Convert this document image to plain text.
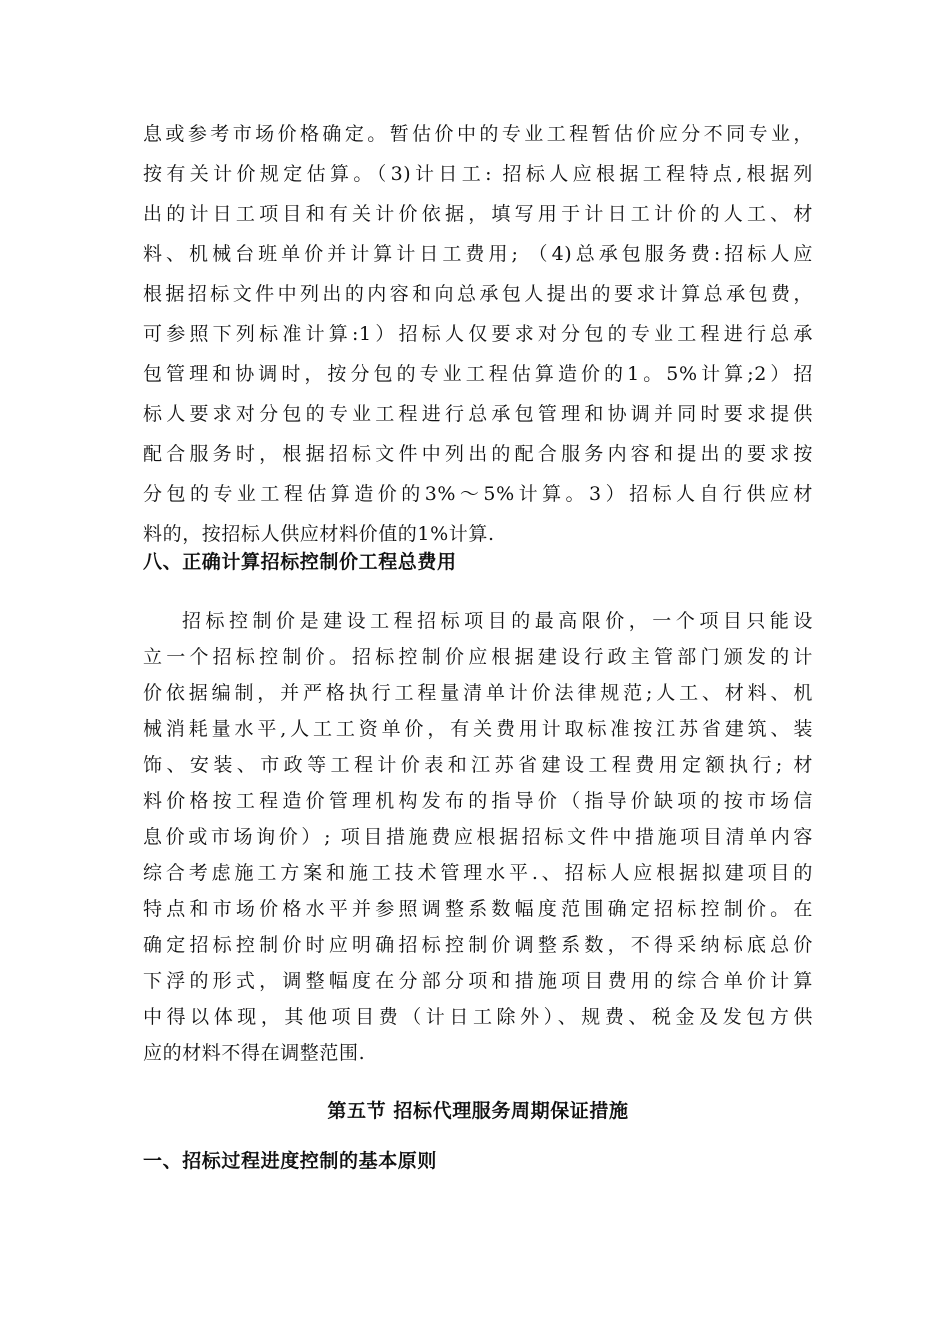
息或参考市场价格确定。暂估价中的专业工程暂估价应分不同专业，
按有关计价规定估算。（3)计日工: 招标人应根据工程特点,根据列
出的计日工项目和有关计价依据，填写用于计日工计价的人工、材
料、机械台班单价并计算计日工费用; （4)总承包服务费:招标人应
根据招标文件中列出的内容和向总承包人提出的要求计算总承包费，
可参照下列标准计算:1）招标人仅要求对分包的专业工程进行总承
包管理和协调时，按分包的专业工程估算造价的1。5%计算;2）招
标人要求对分包的专业工程进行总承包管理和协调并同时要求提供
配合服务时，根据招标文件中列出的配合服务内容和提出的要求按
分包的专业工程估算造价的3%～5%计算。3）招标人自行供应材
料的，按招标人供应材料价值的1%计算.
八、正确计算招标控制价工程总费用
招标控制价是建设工程招标项目的最高限价，一个项目只能设
立一个招标控制价。招标控制价应根据建设行政主管部门颁发的计
价依据编制，并严格执行工程量清单计价法律规范;人工、材料、机
械消耗量水平,人工工资单价，有关费用计取标准按江苏省建筑、装
饰、安装、市政等工程计价表和江苏省建设工程费用定额执行; 材
料价格按工程造价管理机构发布的指导价（指导价缺项的按市场信
息价或市场询价）; 项目措施费应根据招标文件中措施项目清单内容
综合考虑施工方案和施工技术管理水平.、招标人应根据拟建项目的
特点和市场价格水平并参照调整系数幅度范围确定招标控制价。在
确定招标控制价时应明确招标控制价调整系数，不得采纳标底总价
下浮的形式，调整幅度在分部分项和措施项目费用的综合单价计算
中得以体现，其他项目费（计日工除外）、规费、税金及发包方供
应的材料不得在调整范围.
第五节 招标代理服务周期保证措施
一、招标过程进度控制的基本原则
